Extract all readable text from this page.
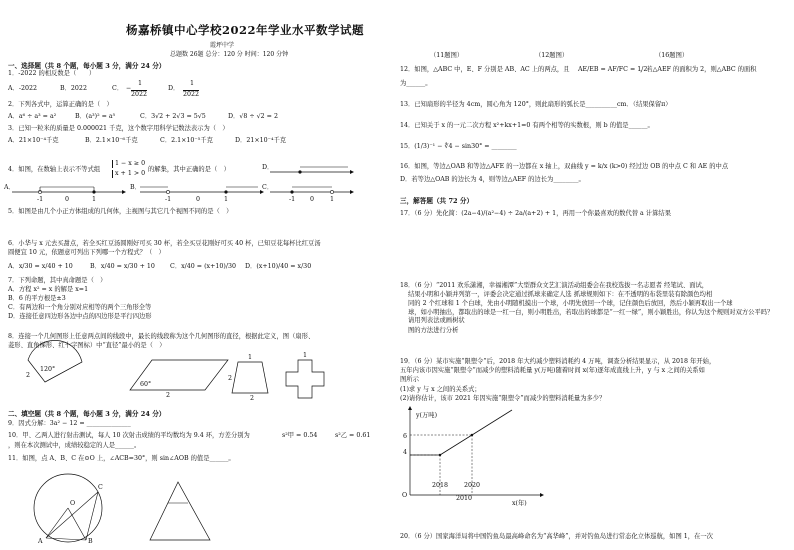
杨嘉桥镇中心学校2022年学业水平数学试题
霞坪中学
总题数 26题 总分：120 分 时间：120 分钟
一、选择题（共 8 个题，每小题 3 分，满分 24 分）
1．-2022 的相反数是（　　）
A．-2022	B．2022	C． −
1
2022
D．
1
2022
2．下列各式中，运算正确的是（　）
A．a⁶ ÷ a³ = a²	B．(a³)² = a⁵	C．3√2 + 2√3 = 5√5	D．√8 ÷ √2 = 2
3．已知一粒米的质量是 0.000021 千克，这个数字用科学记数法表示为（　）
A．21×10⁻⁴千克	B．2.1×10⁻⁶千克	C．2.1×10⁻⁵千克	D．21×10⁻⁴千克
4．如图，在数轴上表示不等式组
1 − x ≥ 0
x + 1 > 0
的解集，其中正确的是（　）
A．	B．	C．
D．
-1	0	1	-1	0	1	-1 0	1
5．如图是由几个小正方体组成的几何体，主视图与其它几个视图不同的是（　）
6．小华与 x 元去买甜点，若全买红豆汤圆刚好可买 30 杯，若全买豆花刚好可买 40 杯，已知豆花每杯比红豆汤
圆便宜 10 元，依题意可列出下列哪一个方程式？（　）
A．x/30 = x/40 + 10	B．x/40 = x/30 + 10 C．x/40 = (x+10)/30 D．(x+10)/40 = x/30
7．下列命题，其中真命题是（　）
A．方程 x² = x 的解是 x=1
B．6 的平方根是±3
C．有两边和一个角分别对应相等的两个三角形全等
D．连接任意四边形各边中点的四边形是平行四边形
8．连接一个几何图形上任意两点间的线段中，最长的线段称为这个几何图形的直径，根据此定义，图（扇形、
菱形、直角梯形、红十字图标）中“直径”最小的是（　）
120°
2
60°
2
2
1
2
1
二、填空题（共 8 个题，每小题 3 分，满分 24 分）
9．因式分解：3a² − 12 = ______________
10．甲、乙两人进行射击测试，每人 10 次射击成绩的平均数均为 9.4 环，方差分别为	s²甲 = 0.54	s²乙 = 0.61
，则在本次测试中，成绩较稳定的人是______。
11．如图，点 A、B、C 在⊙O 上，∠ACB=30°，则 sin∠AOB 的值是______。
C
O
A	B
（11题图）	（12题图）	（16题图）
12．如图，△ABC 中，E、F 分别是 AB、AC 上的两点，且 AE/EB = AF/FC = 1/2
，若△AEF 的面积为 2，则△ABC 的面积
为______。
13．已知扇形的半径为 4cm，圆心角为 120°，则此扇形的弧长是__________cm．（结果保留π）
14．已知关于 x 的一元二次方程 x²+kx+1=0 有两个相等的实数根，则 b 的值是______。
15．(1/3)⁻¹ − ∜4 − sin30° = ________
16．如图，等边△OAB 和等边△AFE 的一边都在 x 轴上，双曲线 y = k/x (k>0) 经过边 OB 的中点 C 和 AE 的中点
D．若等边△OAB 的边长为 4，则等边△AEF 的边长为________。
三，解答题（共 72 分）
17．（6 分）先化简：(2a−4)/(a²−4) ÷ 2a/(a+2) + 1，再用一个你最喜欢的数代替 a 计算结果
18．（6 分）“2011 欢乐潇湘，幸福湘潭”大型群众文艺汇演活动组委会在我校选拔一名志愿者 经笔试、面试，
结果小明和小颖并列第一，评委会决定通过抓球来确定人选 抓球规则如下：在不透明的布袋里装有除颜色均相
同的 2 个红球和 1 个白球，先由小明随机摸出一个球，小明先放回一个球，记住颜色后放回，然后小颖再取出一个球
球，如小明抽出，都取出的球是一红一白，则小明胜出，若取出的球都是“一红一绿”，则小颖胜出，你认为这个规则对双方公平吗？请用列表法或画树状
图的方法进行分析
19．（6 分）某市实施“限塑令”后，2018 年大约减少塑料消耗约 4 万吨，调查分析结果显示，从 2018 年开始，
五年内该市因实施“限塑令”而减少的塑料消耗量 y(万吨)随着时间 x(年)逐年成直线上升，y 与 x 之间的关系如
图所示
(1)求 y 与 x 之间的关系式；
(2)请你估计，该市 2021 年因实施“限塑令”而减少的塑料消耗量为多少？
y(万吨)
x(年)
O
6
4
2018	2020
2010
20．（6 分）国家海洋局将中国钓鱼岛最高峰命名为“高华峰”，并对钓鱼岛进行常态化立体巡航，如图 1，在一次
